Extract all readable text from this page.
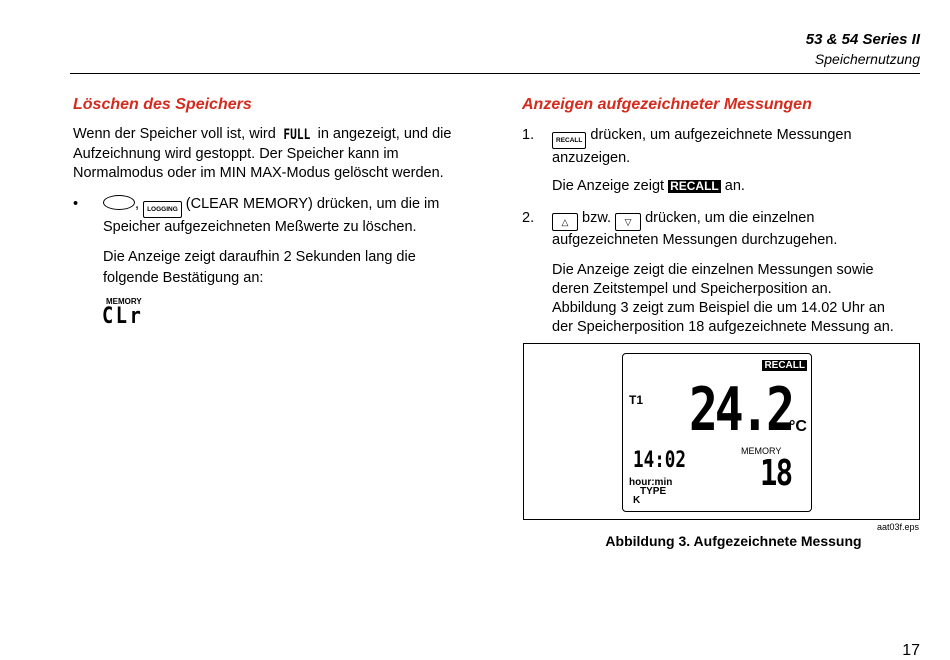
53 & 54 Series II
Speichernutzung
Löschen des Speichers
Wenn der Speicher voll ist, wird FULL in angezeigt, und die
Aufzeichnung wird gestoppt. Der Speicher kann im
Normalmodus oder im MIN MAX-Modus gelöscht werden.
•	, LOGGING (CLEAR MEMORY) drücken, um die im
Speicher aufgezeichneten Meßwerte zu löschen.
Die Anzeige zeigt daraufhin 2 Sekunden lang die
folgende Bestätigung an:
MEMORY
CLr
Anzeigen aufgezeichneter Messungen
1.	RECALL drücken, um aufgezeichnete Messungen
anzuzeigen.
Die Anzeige zeigt RECALL an.
2.	△ bzw. ▽ drücken, um die einzelnen
aufgezeichneten Messungen durchzugehen.
Die Anzeige zeigt die einzelnen Messungen sowie
deren Zeitstempel und Speicherposition an.
Abbildung 3 zeigt zum Beispiel die um 14.02 Uhr an
der Speicherposition 18 aufgezeichnete Messung an.
RECALL
T1 24.2
°C
MEMORY
14:02 18
hour:min
TYPE
K
aat03f.eps
Abbildung 3. Aufgezeichnete Messung
17
